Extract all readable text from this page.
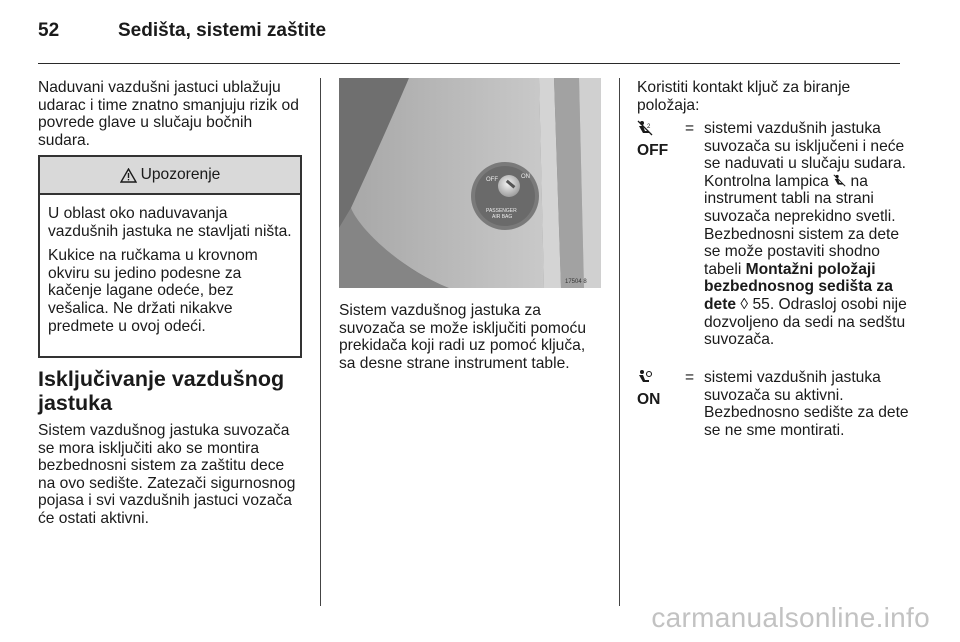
52	Sedišta, sistemi zaštite
Naduvani vazdušni jastuci ublažuju udarac i time znatno smanjuju rizik od povrede glave u slučaju bočnih sudara.
Upozorenje

U oblast oko naduvavanja vazdušnih jastuka ne stavljati ništa.

Kukice na ručkama u krovnom okviru su jedino podesne za kačenje lagane odeće, bez vešalica. Ne držati nikakve predmete u ovoj odeći.

Isključivanje vazdušnog jastuka
Sistem vazdušnog jastuka suvozača se mora isključiti ako se montira bezbednosni sistem za zaštitu dece na ovo sedište. Zatezači sigurnosnog pojasa i svi vazdušnih jastuci vozača će ostati aktivni.
OFF	ON
PASSENGER
AIR BAG
17504 8
Sistem vazdušnog jastuka za suvozača se može isključiti pomoću prekidača koji radi uz pomoć ključa, sa desne strane instrument table.
Koristiti kontakt ključ za biranje položaja:
2
OFF
= sistemi vazdušnih jastuka suvozača su isključeni i neće se naduvati u slučaju sudara. Kontrolna lampica na instrument tabli na strani suvozača neprekidno svetli. Bezbednosni sistem za dete se može postaviti shodno tabeli Montažni položaji bezbednosnog sedišta za dete ◊ 55. Odrasloj osobi nije dozvoljeno da sedi na sedštu suvozača.
ON
= sistemi vazdušnih jastuka suvozača su aktivni. Bezbednosno sedište za dete se ne sme montirati.
carmanualsonline.info
